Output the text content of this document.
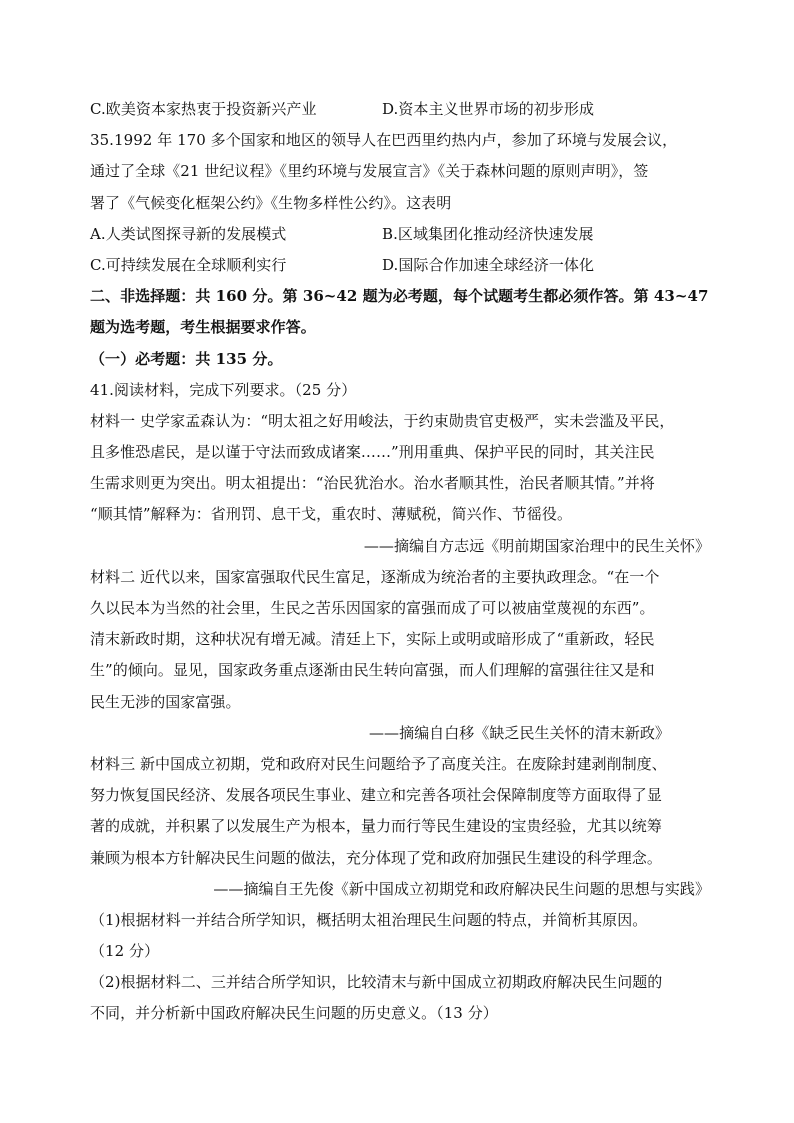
C.欧美资本家热衷于投资新兴产业	D.资本主义世界市场的初步形成
35.1992 年 170 多个国家和地区的领导人在巴西里约热内卢，参加了环境与发展会议，
通过了全球《21 世纪议程》《里约环境与发展宣言》《关于森林问题的原则声明》，签
署了《气候变化框架公约》《生物多样性公约》。这表明
A.人类试图探寻新的发展模式	B.区域集团化推动经济快速发展
C.可持续发展在全球顺利实行	D.国际合作加速全球经济一体化
二、非选择题：共 160 分。第 36~42 题为必考题，每个试题考生都必须作答。第 43~47
题为选考题，考生根据要求作答。
（一）必考题：共 135 分。
41.阅读材料，完成下列要求。（25 分）
材料一 史学家孟森认为：“明太祖之好用峻法，于约束勋贵官吏极严，实未尝滥及平民，
且多惟恐虐民，是以谨于守法而致成诸案……”刑用重典、保护平民的同时，其关注民
生需求则更为突出。明太祖提出：“治民犹治水。治水者顺其性，治民者顺其情。”并将
“顺其情”解释为：省刑罚、息干戈，重农时、薄赋税，简兴作、节徭役。
——摘编自方志远《明前期国家治理中的民生关怀》
材料二 近代以来，国家富强取代民生富足，逐渐成为统治者的主要执政理念。“在一个
久以民本为当然的社会里，生民之苦乐因国家的富强而成了可以被庙堂蔑视的东西”。
清末新政时期，这种状况有增无减。清廷上下，实际上或明或暗形成了“重新政，轻民
生”的倾向。显见，国家政务重点逐渐由民生转向富强，而人们理解的富强往往又是和
民生无涉的国家富强。
——摘编自白移《缺乏民生关怀的清末新政》
材料三 新中国成立初期，党和政府对民生问题给予了高度关注。在废除封建剥削制度、
努力恢复国民经济、发展各项民生事业、建立和完善各项社会保障制度等方面取得了显
著的成就，并积累了以发展生产为根本，量力而行等民生建设的宝贵经验，尤其以统筹
兼顾为根本方针解决民生问题的做法，充分体现了党和政府加强民生建设的科学理念。
——摘编自王先俊《新中国成立初期党和政府解决民生问题的思想与实践》
（1)根据材料一并结合所学知识，概括明太祖治理民生问题的特点，并简析其原因。
（12 分）
（2)根据材料二、三并结合所学知识，比较清末与新中国成立初期政府解决民生问题的
不同，并分析新中国政府解决民生问题的历史意义。（13 分）
